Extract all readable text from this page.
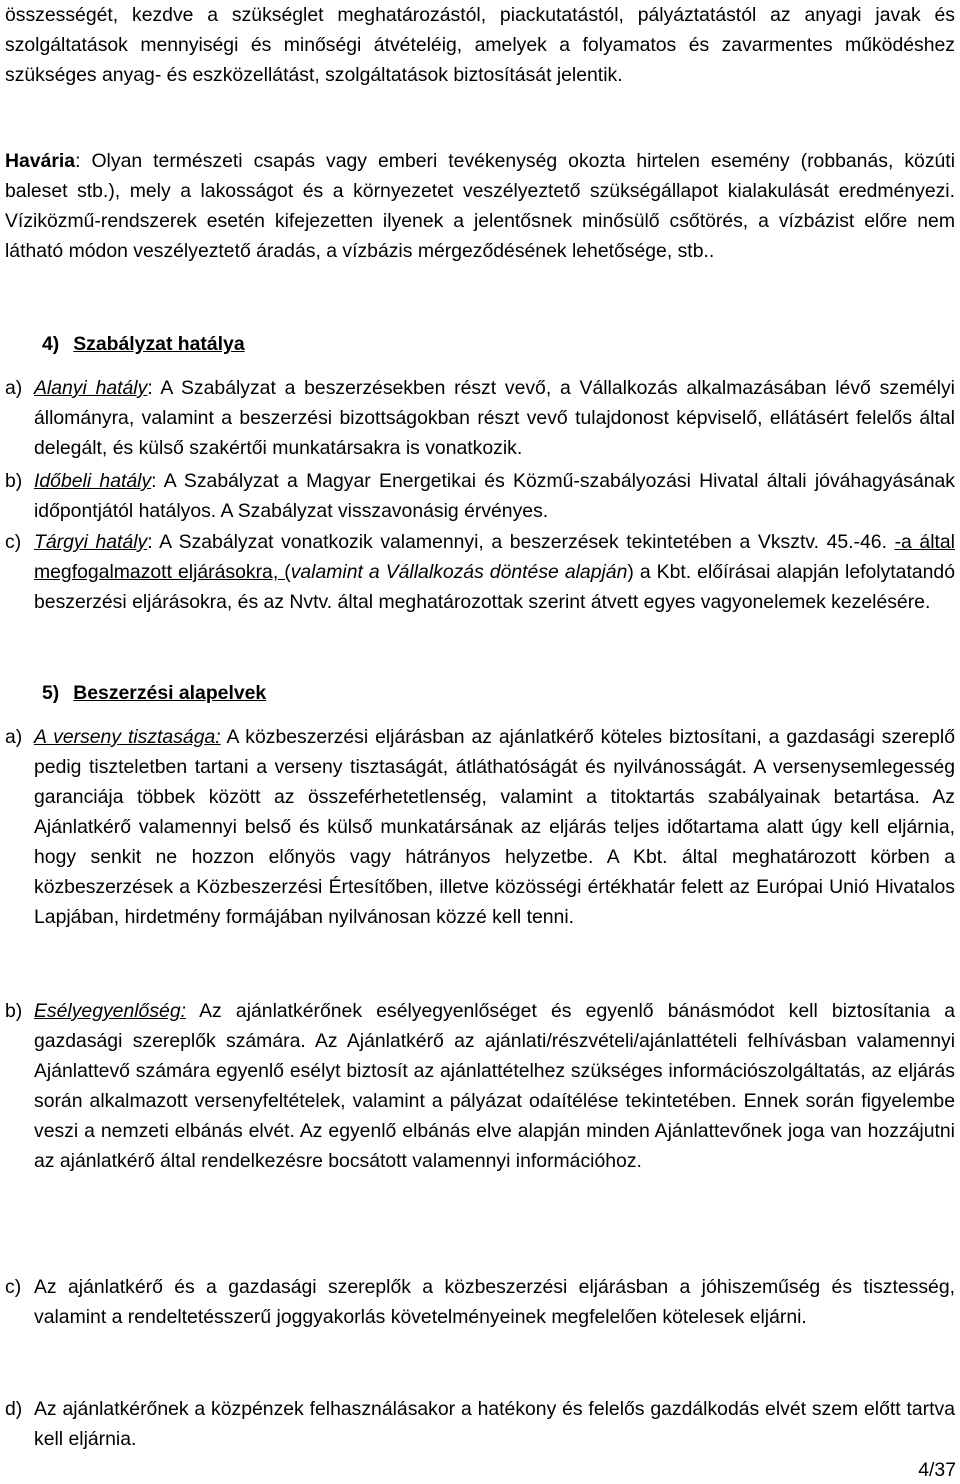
összességét, kezdve a szükséglet meghatározástól, piackutatástól, pályáztatástól az anyagi javak és szolgáltatások mennyiségi és minőségi átvételéig, amelyek a folyamatos és zavarmentes működéshez szükséges anyag- és eszközellátást, szolgáltatások biztosítását jelentik.

Havária: Olyan természeti csapás vagy emberi tevékenység okozta hirtelen esemény (robbanás, közúti baleset stb.), mely a lakosságot és a környezetet veszélyeztető szükségállapot kialakulását eredményezi. Víziközmű-rendszerek esetén kifejezetten ilyenek a jelentősnek minősülő csőtörés, a vízbázist előre nem látható módon veszélyeztető áradás, a vízbázis mérgeződésének lehetősége, stb..

4) Szabályzat hatálya

a) Alanyi hatály: A Szabályzat a beszerzésekben részt vevő, a Vállalkozás alkalmazásában lévő személyi állományra, valamint a beszerzési bizottságokban részt vevő tulajdonost képviselő, ellátásért felelős által delegált, és külső szakértői munkatársakra is vonatkozik.
b) Időbeli hatály: A Szabályzat a Magyar Energetikai és Közmű-szabályozási Hivatal általi jóváhagyásának időpontjától hatályos. A Szabályzat visszavonásig érvényes.
c) Tárgyi hatály: A Szabályzat vonatkozik valamennyi, a beszerzések tekintetében a Vksztv. 45.-46. -a által megfogalmazott eljárásokra, (valamint a Vállalkozás döntése alapján) a Kbt. előírásai alapján lefolytatandó beszerzési eljárásokra, és az Nvtv. által meghatározottak szerint átvett egyes vagyonelemek kezelésére.

5) Beszerzési alapelvek

a) A verseny tisztasága: A közbeszerzési eljárásban az ajánlatkérő köteles biztosítani, a gazdasági szereplő pedig tiszteletben tartani a verseny tisztaságát, átláthatóságát és nyilvánosságát. A versenysemlegesség garanciája többek között az összeférhetetlenség, valamint a titoktartás szabályainak betartása. Az Ajánlatkérő valamennyi belső és külső munkatársának az eljárás teljes időtartama alatt úgy kell eljárnia, hogy senkit ne hozzon előnyös vagy hátrányos helyzetbe. A Kbt. által meghatározott körben a közbeszerzések a Közbeszerzési Értesítőben, illetve közösségi értékhatár felett az Európai Unió Hivatalos Lapjában, hirdetmény formájában nyilvánosan közzé kell tenni.
b) Esélyegyenlőség: Az ajánlatkérőnek esélyegyenlőséget és egyenlő bánásmódot kell biztosítania a gazdasági szereplők számára. Az Ajánlatkérő az ajánlati/részvételi/ajánlattételi felhívásban valamennyi Ajánlattevő számára egyenlő esélyt biztosít az ajánlattételhez szükséges információszolgáltatás, az eljárás során alkalmazott versenyfeltételek, valamint a pályázat odaítélése tekintetében. Ennek során figyelembe veszi a nemzeti elbánás elvét. Az egyenlő elbánás elve alapján minden Ajánlattevőnek joga van hozzájutni az ajánlatkérő által rendelkezésre bocsátott valamennyi információhoz.
c) Az ajánlatkérő és a gazdasági szereplők a közbeszerzési eljárásban a jóhiszeműség és tisztesség, valamint a rendeltetésszerű joggyakorlás követelményeinek megfelelően kötelesek eljárni.
d) Az ajánlatkérőnek a közpénzek felhasználásakor a hatékony és felelős gazdálkodás elvét szem előtt tartva kell eljárnia.
4/37
